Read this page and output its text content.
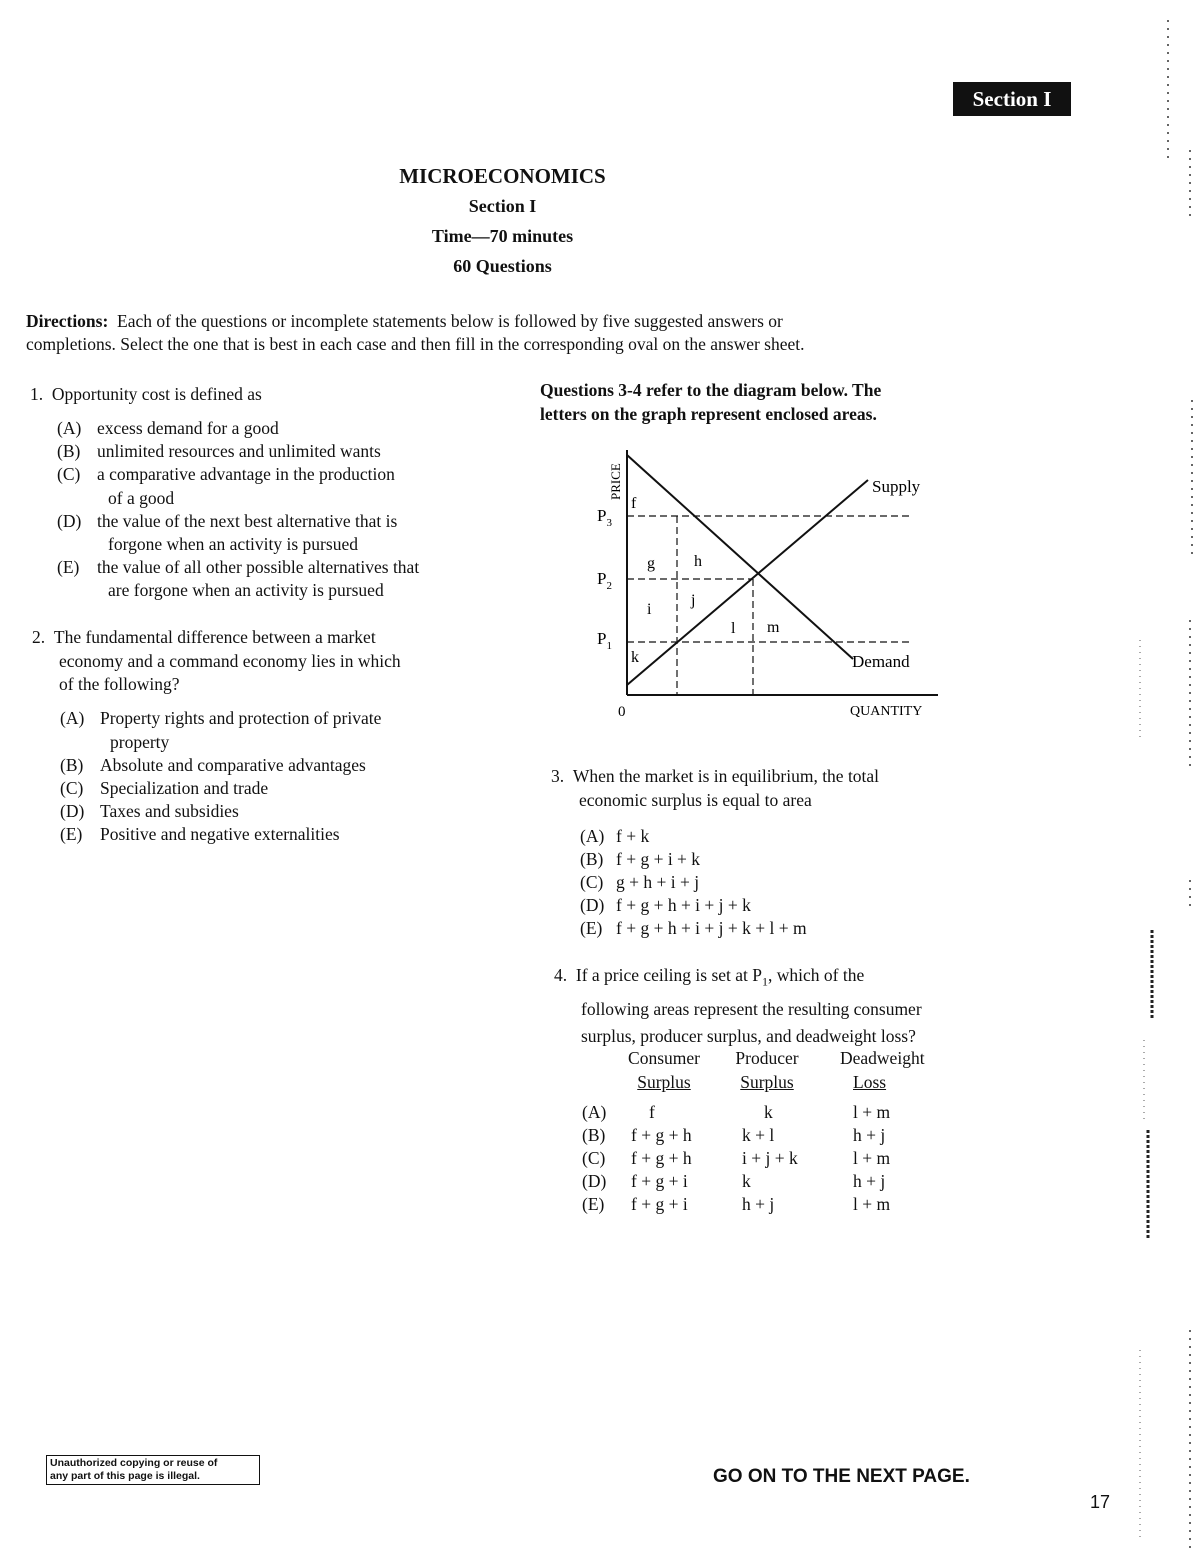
Section I
MICROECONOMICS
Section I
Time—70 minutes
60 Questions
Directions: Each of the questions or incomplete statements below is followed by five suggested answers or
completions. Select the one that is best in each case and then fill in the corresponding oval on the answer sheet.
1. Opportunity cost is defined as
(A) excess demand for a good
(B) unlimited resources and unlimited wants
(C) a comparative advantage in the production
of a good
(D) the value of the next best alternative that is
forgone when an activity is pursued
(E) the value of all other possible alternatives that
are forgone when an activity is pursued
2. The fundamental difference between a market
economy and a command economy lies in which
of the following?
(A) Property rights and protection of private
property
(B) Absolute and comparative advantages
(C) Specialization and trade
(D) Taxes and subsidies
(E) Positive and negative externalities
Questions 3-4 refer to the diagram below. The
letters on the graph represent enclosed areas.
PRICE
QUANTITY
0
Supply
Demand
$P_3$
$P_2$
$P_1$
f
g h
i
j
k
l m
3. When the market is in equilibrium, the total
economic surplus is equal to area
(A) f + k
(B) f + g + i + k
(C) g + h + i + j
(D) f + g + h + i + j + k
(E) f + g + h + i + j + k + l + m
4. If a price ceiling is set at $P_1$, which of the
following areas represent the resulting consumer
surplus, producer surplus, and deadweight loss?
Consumer
Surplus
Producer
Surplus
Deadweight
Loss
(A) f	k	l + m
(B) f + g + h	k + l	h + j
(C) f + g + h	i + j + k	l + m
(D) f + g + i	k	h + j
(E) f + g + i	h + j	l + m
Unauthorized copying or reuse of
any part of this page is illegal.	GO ON TO THE NEXT PAGE.
17
